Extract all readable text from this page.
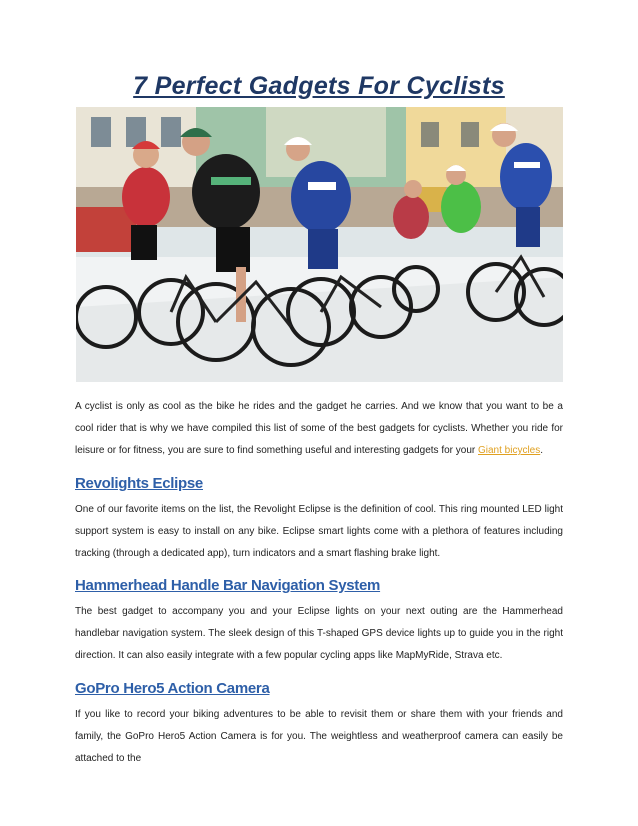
7 Perfect Gadgets For Cyclists

A cyclist is only as cool as the bike he rides and the gadget he carries. And we know that you want to be a cool rider that is why we have compiled this list of some of the best gadgets for cyclists. Whether you ride for leisure or for fitness, you are sure to find something useful and interesting gadgets for your Giant bicycles.

Revolights Eclipse

One of our favorite items on the list, the Revolight Eclipse is the definition of cool. This ring mounted LED light support system is easy to install on any bike. Eclipse smart lights come with a plethora of features including tracking (through a dedicated app), turn indicators and a smart flashing brake light.

Hammerhead Handle Bar Navigation System

The best gadget to accompany you and your Eclipse lights on your next outing are the Hammerhead handlebar navigation system. The sleek design of this T-shaped GPS device lights up to guide you in the right direction. It can also easily integrate with a few popular cycling apps like MapMyRide, Strava etc.

GoPro Hero5 Action Camera

If you like to record your biking adventures to be able to revisit them or share them with your friends and family, the GoPro Hero5 Action Camera is for you. The weightless and weatherproof camera can easily be attached to the
